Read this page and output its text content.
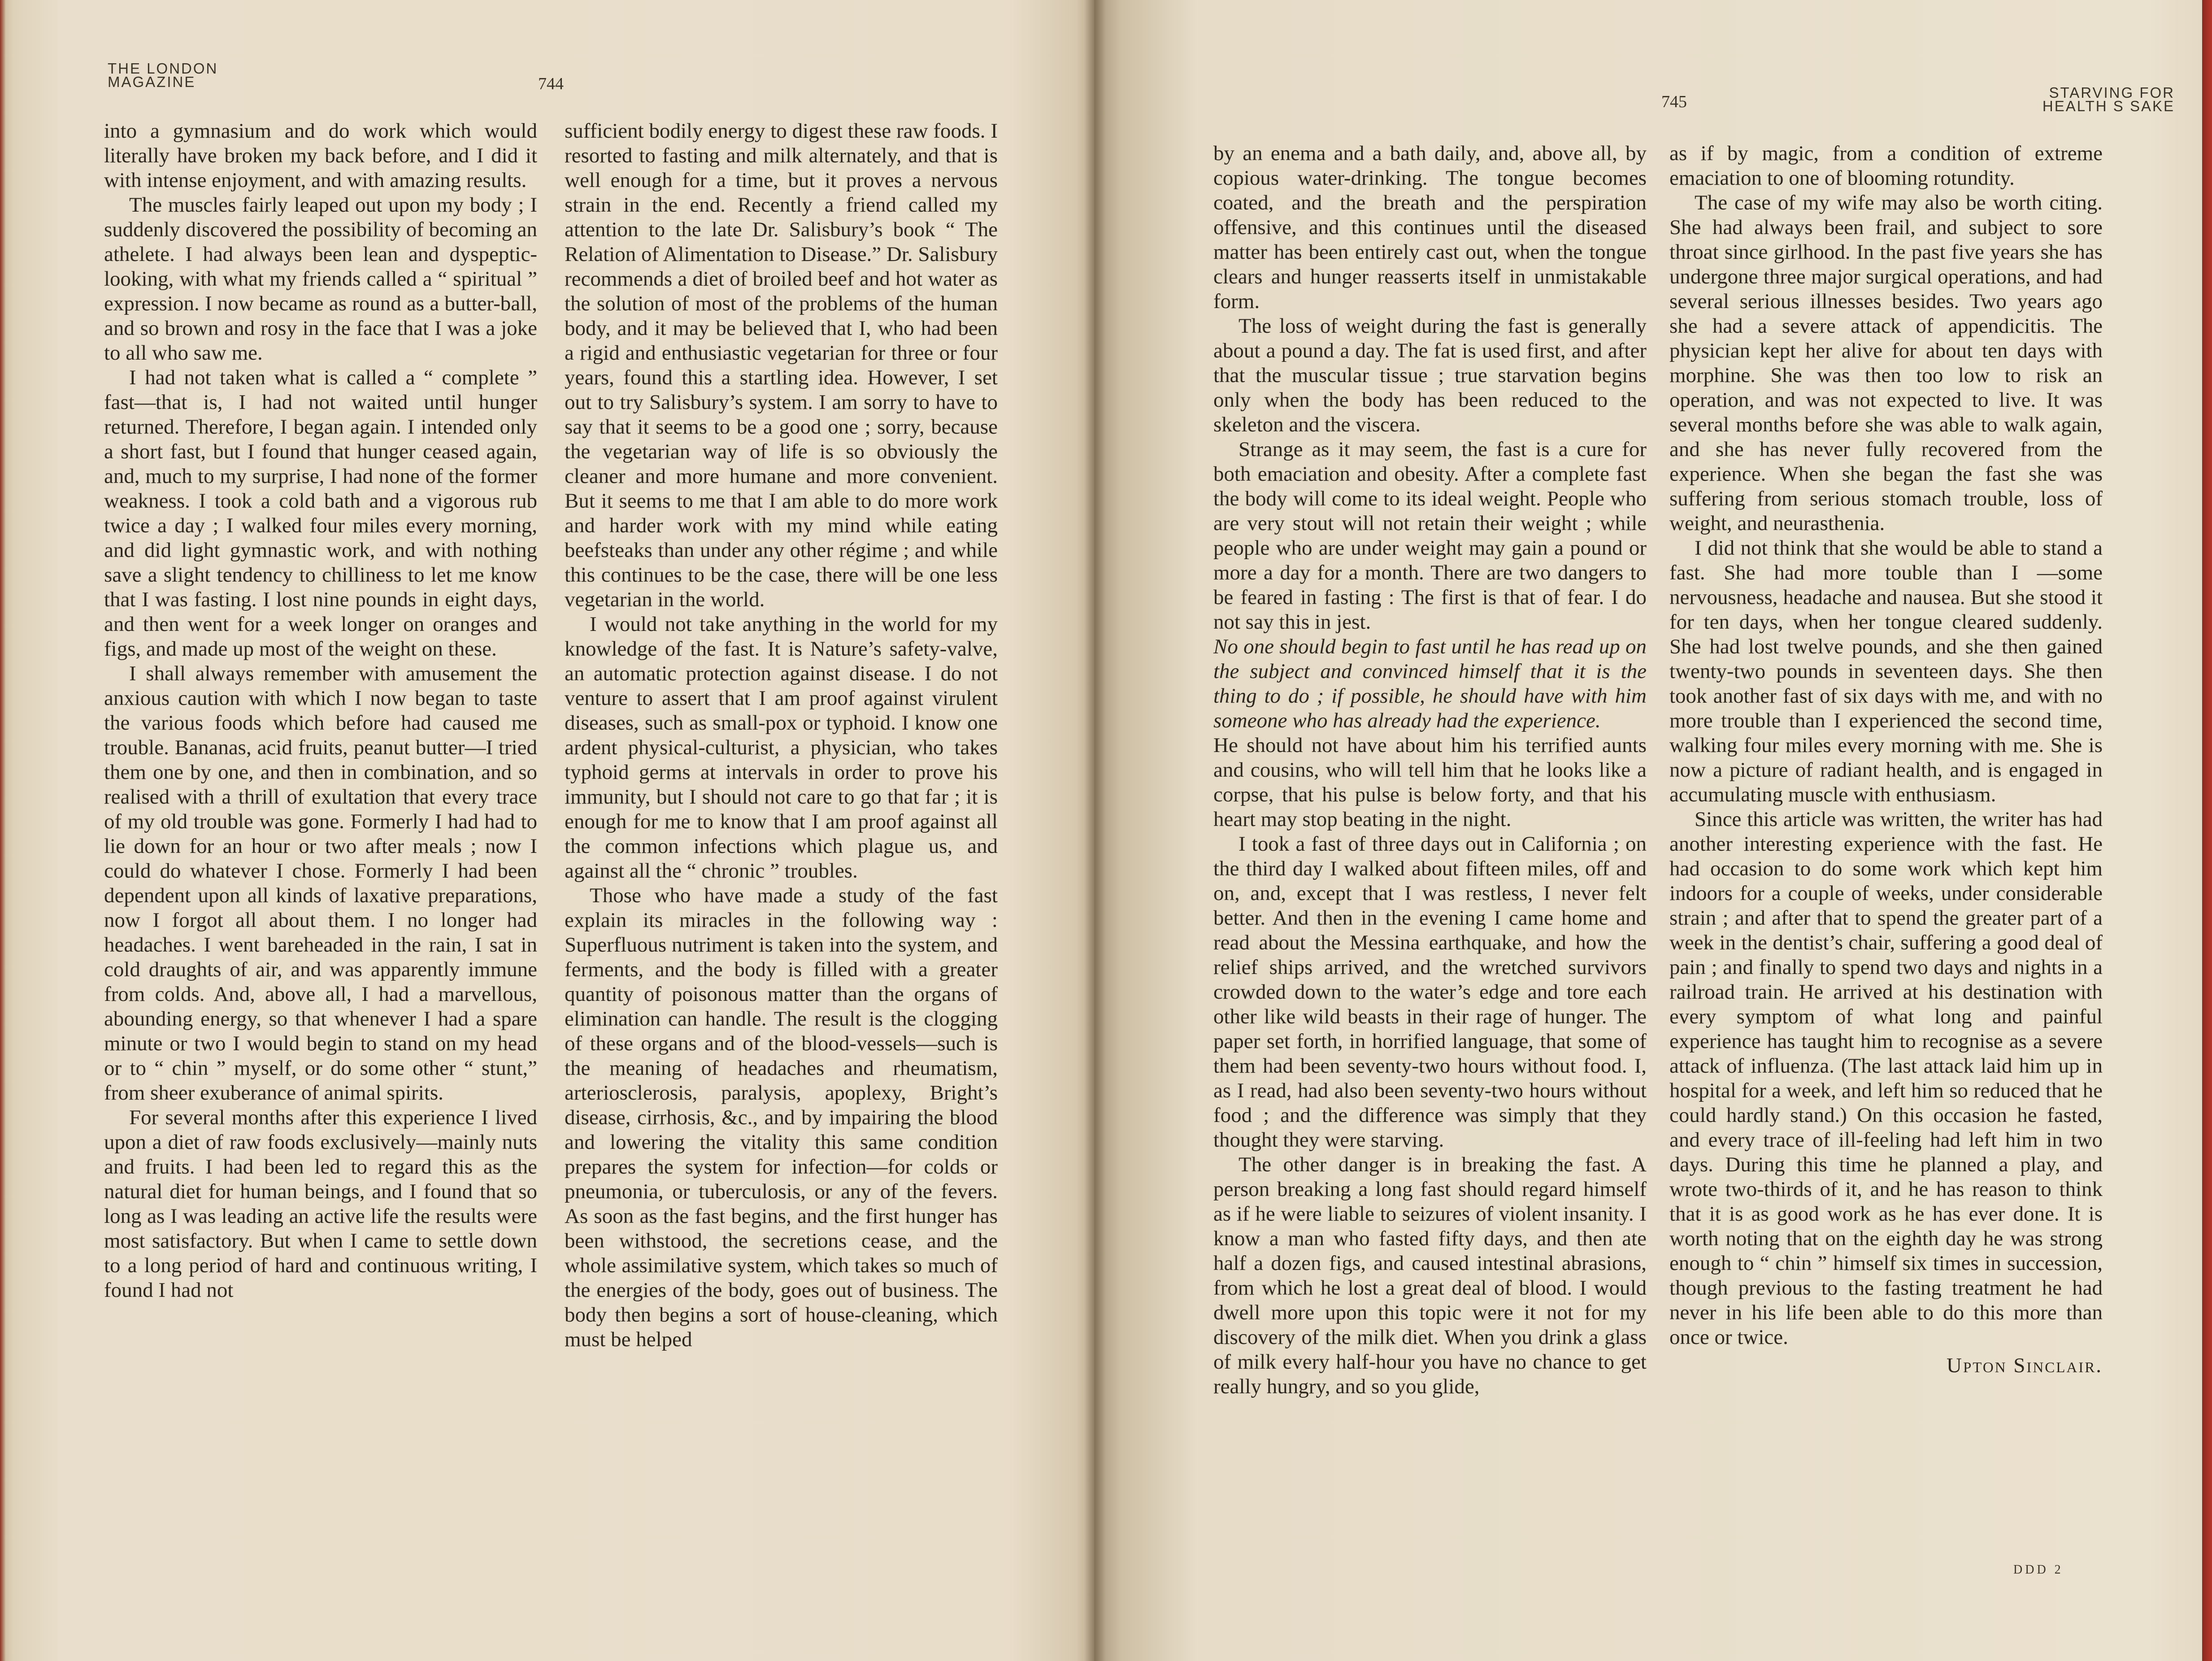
THE LONDON
MAGAZINE	744

into a gymnasium and do work which would literally have broken my back before, and I did it with intense enjoyment, and with amazing results.

The muscles fairly leaped out upon my body ; I suddenly discovered the possibility of becoming an athelete. I had always been lean and dyspeptic-looking, with what my friends called a “ spiritual ” expression. I now became as round as a butter-ball, and so brown and rosy in the face that I was a joke to all who saw me.

I had not taken what is called a “ complete ” fast—that is, I had not waited until hunger returned. Therefore, I began again. I intended only a short fast, but I found that hunger ceased again, and, much to my surprise, I had none of the former weakness. I took a cold bath and a vigorous rub twice a day ; I walked four miles every morning, and did light gymnastic work, and with nothing save a slight tendency to chilliness to let me know that I was fasting. I lost nine pounds in eight days, and then went for a week longer on oranges and figs, and made up most of the weight on these.

I shall always remember with amusement the anxious caution with which I now began to taste the various foods which before had caused me trouble. Bananas, acid fruits, peanut butter—I tried them one by one, and then in combination, and so realised with a thrill of exultation that every trace of my old trouble was gone. Formerly I had had to lie down for an hour or two after meals ; now I could do whatever I chose. Formerly I had been dependent upon all kinds of laxative preparations, now I forgot all about them. I no longer had headaches. I went bareheaded in the rain, I sat in cold draughts of air, and was apparently immune from colds. And, above all, I had a marvellous, abounding energy, so that whenever I had a spare minute or two I would begin to stand on my head or to “ chin ” myself, or do some other “ stunt,” from sheer exuberance of animal spirits.

For several months after this experience I lived upon a diet of raw foods exclusively—mainly nuts and fruits. I had been led to regard this as the natural diet for human beings, and I found that so long as I was leading an active life the results were most satisfactory. But when I came to settle down to a long period of hard and continuous writing, I found I had not

sufficient bodily energy to digest these raw foods. I resorted to fasting and milk alternately, and that is well enough for a time, but it proves a nervous strain in the end. Recently a friend called my attention to the late Dr. Salisbury’s book “ The Relation of Alimentation to Disease.” Dr. Salisbury recommends a diet of broiled beef and hot water as the solution of most of the problems of the human body, and it may be believed that I, who had been a rigid and enthusiastic vegetarian for three or four years, found this a startling idea. However, I set out to try Salisbury’s system. I am sorry to have to say that it seems to be a good one ; sorry, because the vegetarian way of life is so obviously the cleaner and more humane and more convenient. But it seems to me that I am able to do more work and harder work with my mind while eating beefsteaks than under any other régime ; and while this continues to be the case, there will be one less vegetarian in the world.

I would not take anything in the world for my knowledge of the fast. It is Nature’s safety-valve, an automatic protection against disease. I do not venture to assert that I am proof against virulent diseases, such as small-pox or typhoid. I know one ardent physical-culturist, a physician, who takes typhoid germs at intervals in order to prove his immunity, but I should not care to go that far ; it is enough for me to know that I am proof against all the common infections which plague us, and against all the “ chronic ” troubles.

Those who have made a study of the fast explain its miracles in the following way : Superfluous nutriment is taken into the system, and ferments, and the body is filled with a greater quantity of poisonous matter than the organs of elimination can handle. The result is the clogging of these organs and of the blood-vessels—such is the meaning of headaches and rheumatism, arteriosclerosis, paralysis, apoplexy, Bright’s disease, cirrhosis, &c., and by impairing the blood and lowering the vitality this same condition prepares the system for infection—for colds or pneumonia, or tuberculosis, or any of the fevers. As soon as the fast begins, and the first hunger has been withstood, the secretions cease, and the whole assimilative system, which takes so much of the energies of the body, goes out of business. The body then begins a sort of house-cleaning, which must be helped

745	STARVING FOR
HEALTH S SAKE

by an enema and a bath daily, and, above all, by copious water-drinking. The tongue becomes coated, and the breath and the perspiration offensive, and this continues until the diseased matter has been entirely cast out, when the tongue clears and hunger reasserts itself in unmistakable form.

The loss of weight during the fast is generally about a pound a day. The fat is used first, and after that the muscular tissue ; true starvation begins only when the body has been reduced to the skeleton and the viscera.

Strange as it may seem, the fast is a cure for both emaciation and obesity. After a complete fast the body will come to its ideal weight. People who are very stout will not retain their weight ; while people who are under weight may gain a pound or more a day for a month. There are two dangers to be feared in fasting : The first is that of fear. I do not say this in jest.

No one should begin to fast until he has read up on the subject and convinced himself that it is the thing to do ; if possible, he should have with him someone who has already had the experience.

He should not have about him his terrified aunts and cousins, who will tell him that he looks like a corpse, that his pulse is below forty, and that his heart may stop beating in the night.

I took a fast of three days out in California ; on the third day I walked about fifteen miles, off and on, and, except that I was restless, I never felt better. And then in the evening I came home and read about the Messina earthquake, and how the relief ships arrived, and the wretched survivors crowded down to the water’s edge and tore each other like wild beasts in their rage of hunger. The paper set forth, in horrified language, that some of them had been seventy-two hours without food. I, as I read, had also been seventy-two hours without food ; and the difference was simply that they thought they were starving.

The other danger is in breaking the fast. A person breaking a long fast should regard himself as if he were liable to seizures of violent insanity. I know a man who fasted fifty days, and then ate half a dozen figs, and caused intestinal abrasions, from which he lost a great deal of blood. I would dwell more upon this topic were it not for my discovery of the milk diet. When you drink a glass of milk every half-hour you have no chance to get really hungry, and so you glide,

as if by magic, from a condition of extreme emaciation to one of blooming rotundity.

The case of my wife may also be worth citing. She had always been frail, and subject to sore throat since girlhood. In the past five years she has undergone three major surgical operations, and had several serious illnesses besides. Two years ago she had a severe attack of appendicitis. The physician kept her alive for about ten days with morphine. She was then too low to risk an operation, and was not expected to live. It was several months before she was able to walk again, and she has never fully recovered from the experience. When she began the fast she was suffering from serious stomach trouble, loss of weight, and neurasthenia.

I did not think that she would be able to stand a fast. She had more touble than I —some nervousness, headache and nausea. But she stood it for ten days, when her tongue cleared suddenly. She had lost twelve pounds, and she then gained twenty-two pounds in seventeen days. She then took another fast of six days with me, and with no more trouble than I experienced the second time, walking four miles every morning with me. She is now a picture of radiant health, and is engaged in accumulating muscle with enthusiasm.

Since this article was written, the writer has had another interesting experience with the fast. He had occasion to do some work which kept him indoors for a couple of weeks, under considerable strain ; and after that to spend the greater part of a week in the dentist’s chair, suffering a good deal of pain ; and finally to spend two days and nights in a railroad train. He arrived at his destination with every symptom of what long and painful experience has taught him to recognise as a severe attack of influenza. (The last attack laid him up in hospital for a week, and left him so reduced that he could hardly stand.) On this occasion he fasted, and every trace of ill-feeling had left him in two days. During this time he planned a play, and wrote two-thirds of it, and he has reason to think that it is as good work as he has ever done. It is worth noting that on the eighth day he was strong enough to “ chin ” himself six times in succession, though previous to the fasting treatment he had never in his life been able to do this more than once or twice.

Upton Sinclair.
DDD 2
